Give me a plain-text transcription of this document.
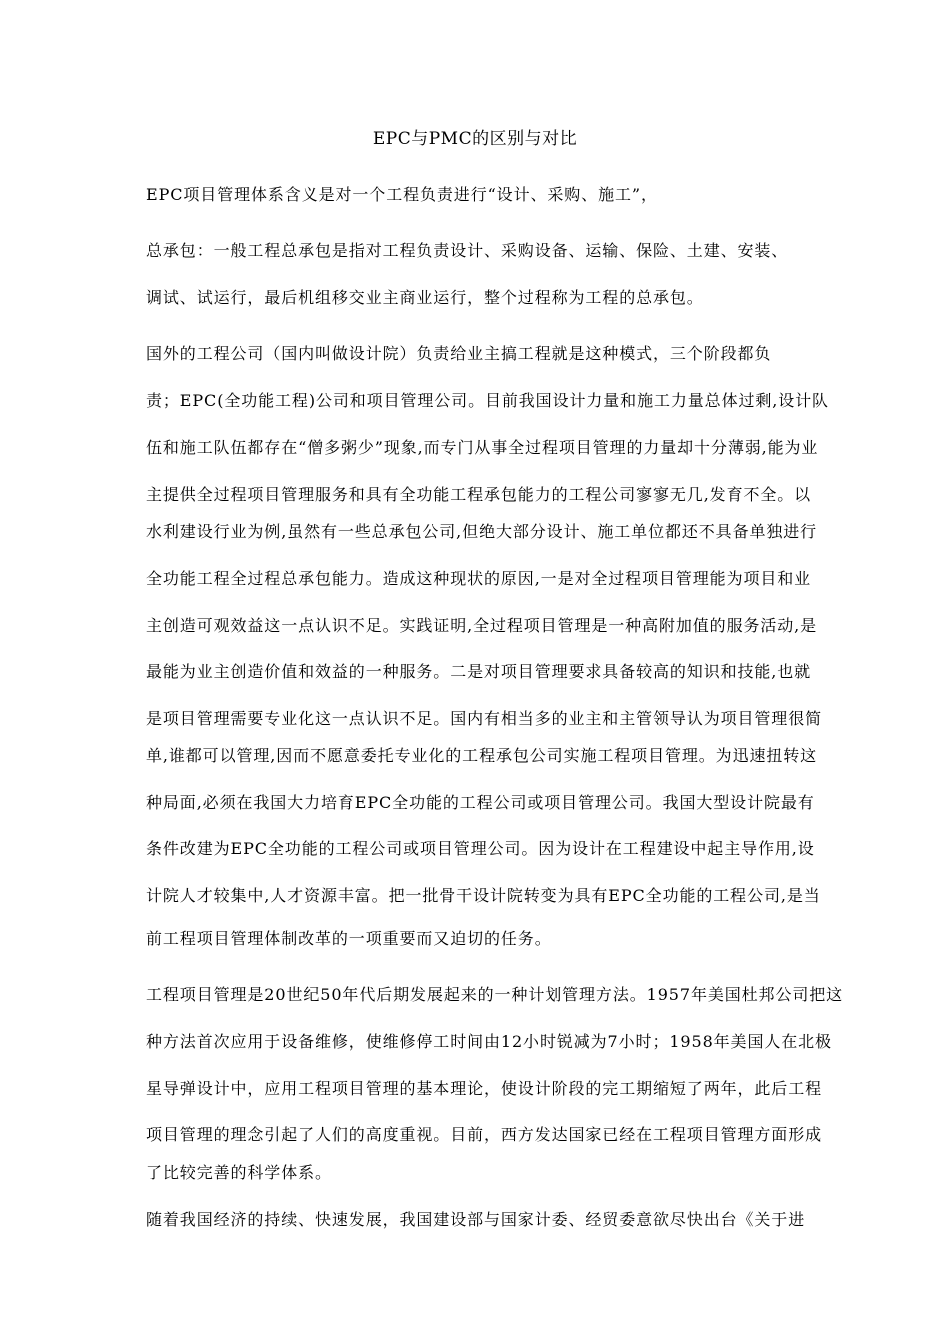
EPC与PMC的区别与对比
EPC项目管理体系含义是对一个工程负责进行“设计、采购、施工”，
总承包：一般工程总承包是指对工程负责设计、采购设备、运输、保险、土建、安装、
调试、试运行，最后机组移交业主商业运行，整个过程称为工程的总承包。
国外的工程公司（国内叫做设计院）负责给业主搞工程就是这种模式，三个阶段都负
责；EPC(全功能工程)公司和项目管理公司。目前我国设计力量和施工力量总体过剩,设计队
伍和施工队伍都存在“僧多粥少”现象,而专门从事全过程项目管理的力量却十分薄弱,能为业
主提供全过程项目管理服务和具有全功能工程承包能力的工程公司寥寥无几,发育不全。以
水利建设行业为例,虽然有一些总承包公司,但绝大部分设计、施工单位都还不具备单独进行
全功能工程全过程总承包能力。造成这种现状的原因,一是对全过程项目管理能为项目和业
主创造可观效益这一点认识不足。实践证明,全过程项目管理是一种高附加值的服务活动,是
最能为业主创造价值和效益的一种服务。二是对项目管理要求具备较高的知识和技能,也就
是项目管理需要专业化这一点认识不足。国内有相当多的业主和主管领导认为项目管理很简
单,谁都可以管理,因而不愿意委托专业化的工程承包公司实施工程项目管理。为迅速扭转这
种局面,必须在我国大力培育EPC全功能的工程公司或项目管理公司。我国大型设计院最有
条件改建为EPC全功能的工程公司或项目管理公司。因为设计在工程建设中起主导作用,设
计院人才较集中,人才资源丰富。把一批骨干设计院转变为具有EPC全功能的工程公司,是当
前工程项目管理体制改革的一项重要而又迫切的任务。
工程项目管理是20世纪50年代后期发展起来的一种计划管理方法。1957年美国杜邦公司把这
种方法首次应用于设备维修，使维修停工时间由12小时锐减为7小时；1958年美国人在北极
星导弹设计中，应用工程项目管理的基本理论，使设计阶段的完工期缩短了两年，此后工程
项目管理的理念引起了人们的高度重视。目前，西方发达国家已经在工程项目管理方面形成
了比较完善的科学体系。
随着我国经济的持续、快速发展，我国建设部与国家计委、经贸委意欲尽快出台《关于进
